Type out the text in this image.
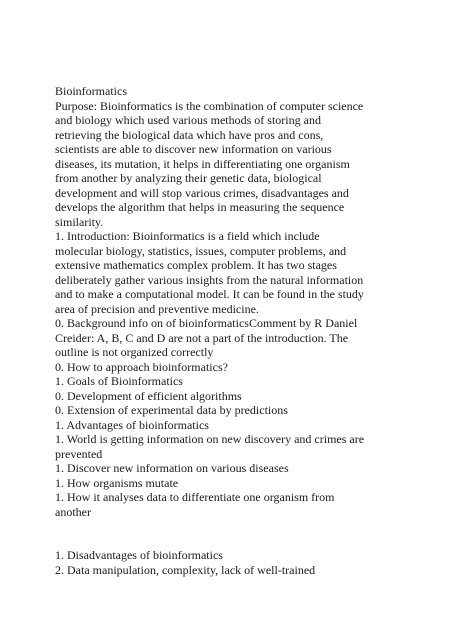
Bioinformatics
Purpose: Bioinformatics is the combination of computer science
and biology which used various methods of storing and
retrieving the biological data which have pros and cons,
scientists are able to discover new information on various
diseases, its mutation, it helps in differentiating one organism
from another by analyzing their genetic data, biological
development and will stop various crimes, disadvantages and
develops the algorithm that helps in measuring the sequence
similarity.
1. Introduction: Bioinformatics is a field which include
molecular biology, statistics, issues, computer problems, and
extensive mathematics complex problem. It has two stages
deliberately gather various insights from the natural information
and to make a computational model. It can be found in the study
area of precision and preventive medicine.
0. Background info on of bioinformaticsComment by R Daniel
Creider: A, B, C and D are not a part of the introduction. The
outline is not organized correctly
0. How to approach bioinformatics?
1. Goals of Bioinformatics
0. Development of efficient algorithms
0. Extension of experimental data by predictions
1. Advantages of bioinformatics
1. World is getting information on new discovery and crimes are
prevented
1. Discover new information on various diseases
1. How organisms mutate
1. How it analyses data to differentiate one organism from
another
1. Disadvantages of bioinformatics
2. Data manipulation, complexity, lack of well-trained
